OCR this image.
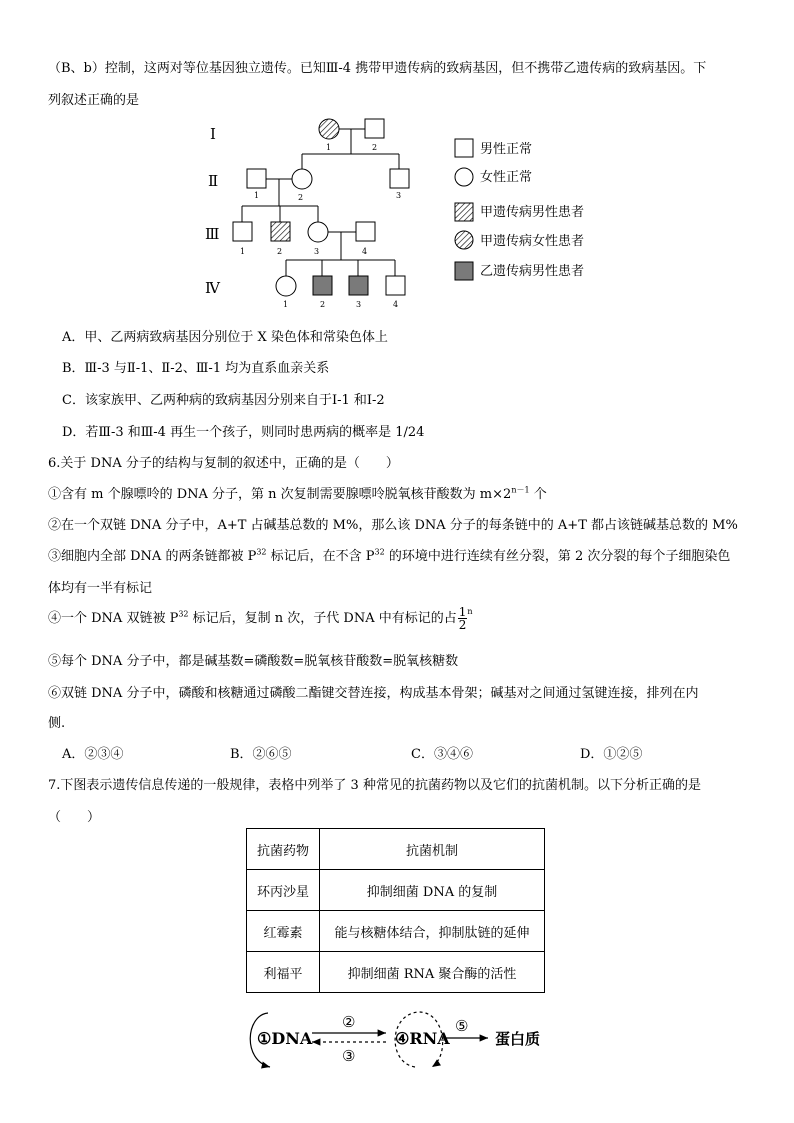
（B、b）控制，这两对等位基因独立遗传。已知Ⅲ-4 携带甲遗传病的致病基因，但不携带乙遗传病的致病基因。下
列叙述正确的是
Ⅰ
Ⅱ
Ⅲ
Ⅳ
1	2
1	2	3
1	2	3	4
1	2	3	4
男性正常
女性正常
甲遗传病男性患者
甲遗传病女性患者
乙遗传病男性患者
A．甲、乙两病致病基因分别位于 X 染色体和常染色体上
B．Ⅲ-3 与Ⅱ-1、Ⅱ-2、Ⅲ-1 均为直系血亲关系
C．该家族甲、乙两种病的致病基因分别来自于Ⅰ-1 和Ⅰ-2
D．若Ⅲ-3 和Ⅲ-4 再生一个孩子，则同时患两病的概率是 1/24
6.关于 DNA 分子的结构与复制的叙述中，正确的是（　　）
①含有 m 个腺嘌呤的 DNA 分子，第 n 次复制需要腺嘌呤脱氧核苷酸数为 $m\times 2^{n-1}$ 个
②在一个双链 DNA 分子中，A+T 占碱基总数的 M%，那么该 DNA 分子的每条链中的 A+T 都占该链碱基总数的 M%
③细胞内全部 DNA 的两条链都被 $P^{32}$ 标记后，在不含 $P^{32}$ 的环境中进行连续有丝分裂，第 2 次分裂的每个子细胞染色
体均有一半有标记
④一个 DNA 双链被 $P^{32}$ 标记后，复制 n 次，子代 DNA 中有标记的占 $\frac{1}{2} ^n$
⑤每个 DNA 分子中，都是碱基数=磷酸数=脱氧核苷酸数=脱氧核糖数
⑥双链 DNA 分子中，磷酸和核糖通过磷酸二酯键交替连接，构成基本骨架；碱基对之间通过氢键连接，排列在内
侧.
A．②③④	B．②⑥⑤	C．③④⑥	D．①②⑤
7.下图表示遗传信息传递的一般规律，表格中列举了 3 种常见的抗菌药物以及它们的抗菌机制。以下分析正确的是
（　　）
抗菌药物	抗菌机制
环丙沙星	抑制细菌 DNA 的复制
红霉素	能与核糖体结合，抑制肽链的延伸
利福平	抑制细菌 RNA 聚合酶的活性
①DNA	④RNA	蛋白质
②
③
⑤
